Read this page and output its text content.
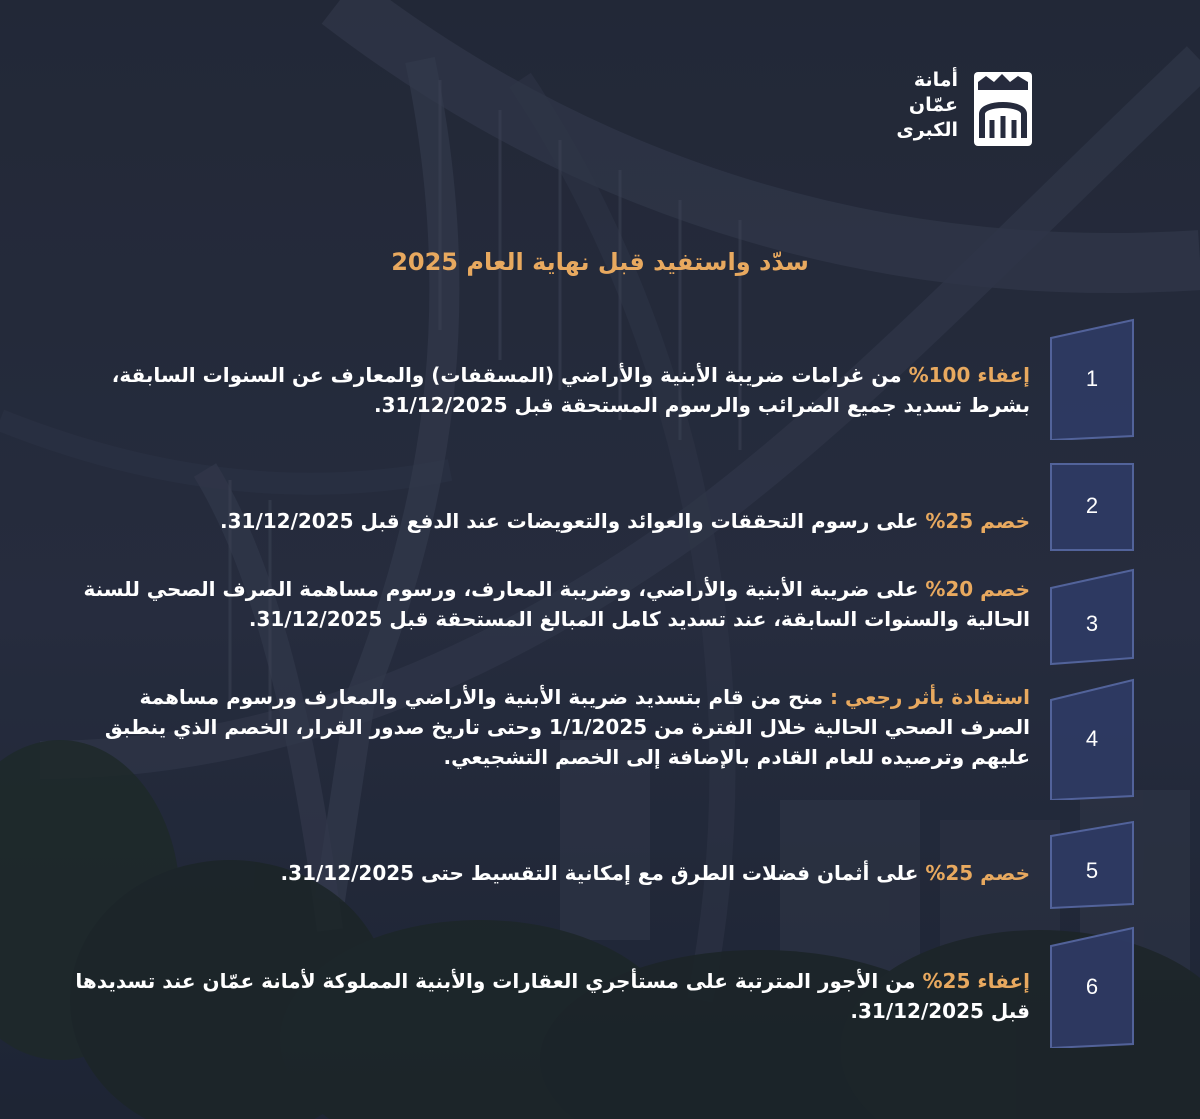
أمانة
عمّان
الكبرى
سدّد واستفيد قبل نهاية العام 2025
1
إعفاء 100% من غرامات ضريبة الأبنية والأراضي (المسقفات) والمعارف عن السنوات السابقة، بشرط تسديد جميع الضرائب والرسوم المستحقة قبل 31/12/2025.
2
خصم 25% على رسوم التحققات والعوائد والتعويضات عند الدفع قبل 31/12/2025.
3
خصم 20% على ضريبة الأبنية والأراضي، وضريبة المعارف، ورسوم مساهمة الصرف الصحي للسنة الحالية والسنوات السابقة، عند تسديد كامل المبالغ المستحقة قبل 31/12/2025.
4
استفادة بأثر رجعي : منح من قام بتسديد ضريبة الأبنية والأراضي والمعارف ورسوم مساهمة الصرف الصحي الحالية خلال الفترة من 1/1/2025 وحتى تاريخ صدور القرار، الخصم الذي ينطبق عليهم وترصيده للعام القادم بالإضافة إلى الخصم التشجيعي.
5
خصم 25% على أثمان فضلات الطرق مع إمكانية التقسيط حتى 31/12/2025.
6
إعفاء 25% من الأجور المترتبة على مستأجري العقارات والأبنية المملوكة لأمانة عمّان عند تسديدها قبل 31/12/2025.
